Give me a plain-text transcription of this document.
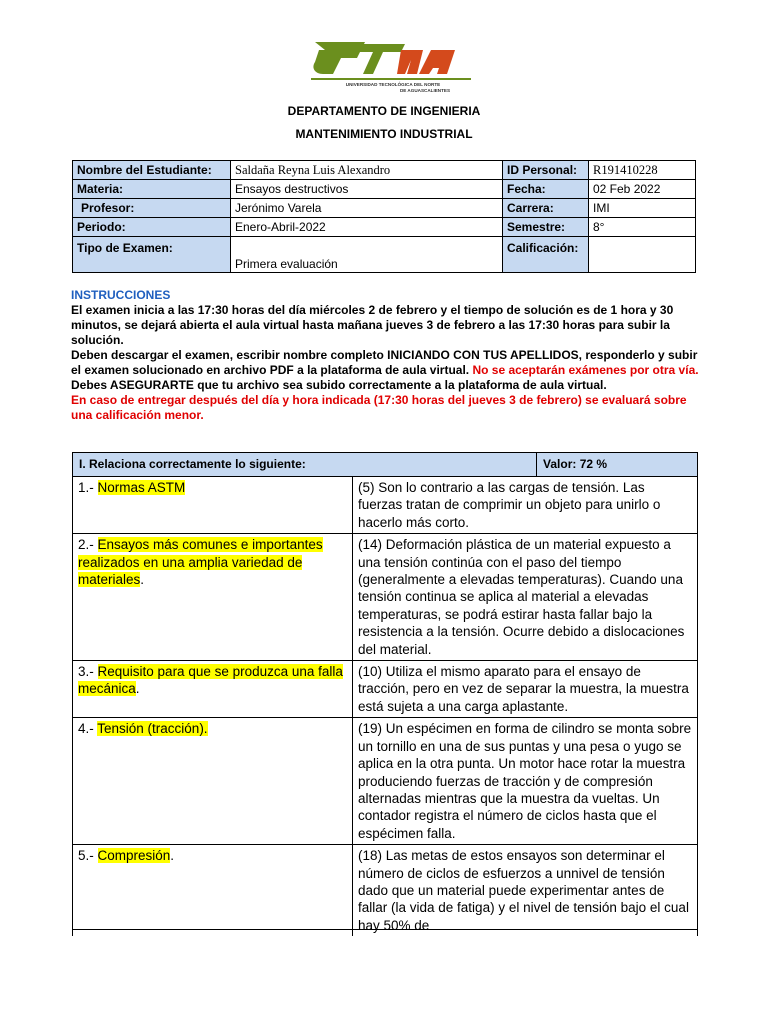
UNIVERSIDAD TECNOLÓGICA DEL NORTE
DE AGUASCALIENTES
DEPARTAMENTO DE INGENIERIA
MANTENIMIENTO INDUSTRIAL
Nombre del Estudiante:	Saldaña Reyna Luis Alexandro	ID Personal:	R191410228
Materia:	Ensayos destructivos	Fecha:	02 Feb 2022
Profesor:	Jerónimo Varela	Carrera:	IMI
Periodo:	Enero-Abril-2022	Semestre:	8°
Tipo de Examen:	Primera evaluación	Calificación:	

INSTRUCCIONES

El examen inicia a las 17:30 horas del día miércoles 2 de febrero y el tiempo de solución es de 1 hora y 30 minutos, se dejará abierta el aula virtual hasta mañana jueves 3 de febrero a las 17:30 horas para subir la solución.

Deben descargar el examen, escribir nombre completo INICIANDO CON TUS APELLIDOS, responderlo y subir el examen solucionado en archivo PDF a la plataforma de aula virtual. No se aceptarán exámenes por otra vía.

Debes ASEGURARTE que tu archivo sea subido correctamente a la plataforma de aula virtual.

En caso de entregar después del día y hora indicada (17:30 horas del jueves 3 de febrero) se evaluará sobre una calificación menor.

I. Relaciona correctamente lo siguiente:		Valor: 72 %
1.- Normas ASTM	(5) Son lo contrario a las cargas de tensión. Las fuerzas tratan de comprimir un objeto para unirlo o hacerlo más corto.	
2.- Ensayos más comunes e importantes realizados en una amplia variedad de materiales.	(14) Deformación plástica de un material expuesto a una tensión continúa con el paso del tiempo (generalmente a elevadas temperaturas). Cuando una tensión continua se aplica al material a elevadas temperaturas, se podrá estirar hasta fallar bajo la resistencia a la tensión. Ocurre debido a dislocaciones del material.	
3.- Requisito para que se produzca una falla mecánica.	(10) Utiliza el mismo aparato para el ensayo de tracción, pero en vez de separar la muestra, la muestra está sujeta a una carga aplastante.	
4.- Tensión (tracción).	(19) Un espécimen en forma de cilindro se monta sobre un tornillo en una de sus puntas y una pesa o yugo se aplica en la otra punta. Un motor hace rotar la muestra produciendo fuerzas de tracción y de compresión alternadas mientras que la muestra da vueltas. Un contador registra el número de ciclos hasta que el espécimen falla.	
5.- Compresión.	(18) Las metas de estos ensayos son determinar el número de ciclos de esfuerzos a unnivel de tensión dado que un material puede experimentar antes de fallar (la vida de fatiga) y el nivel de tensión bajo el cual hay 50% de	
